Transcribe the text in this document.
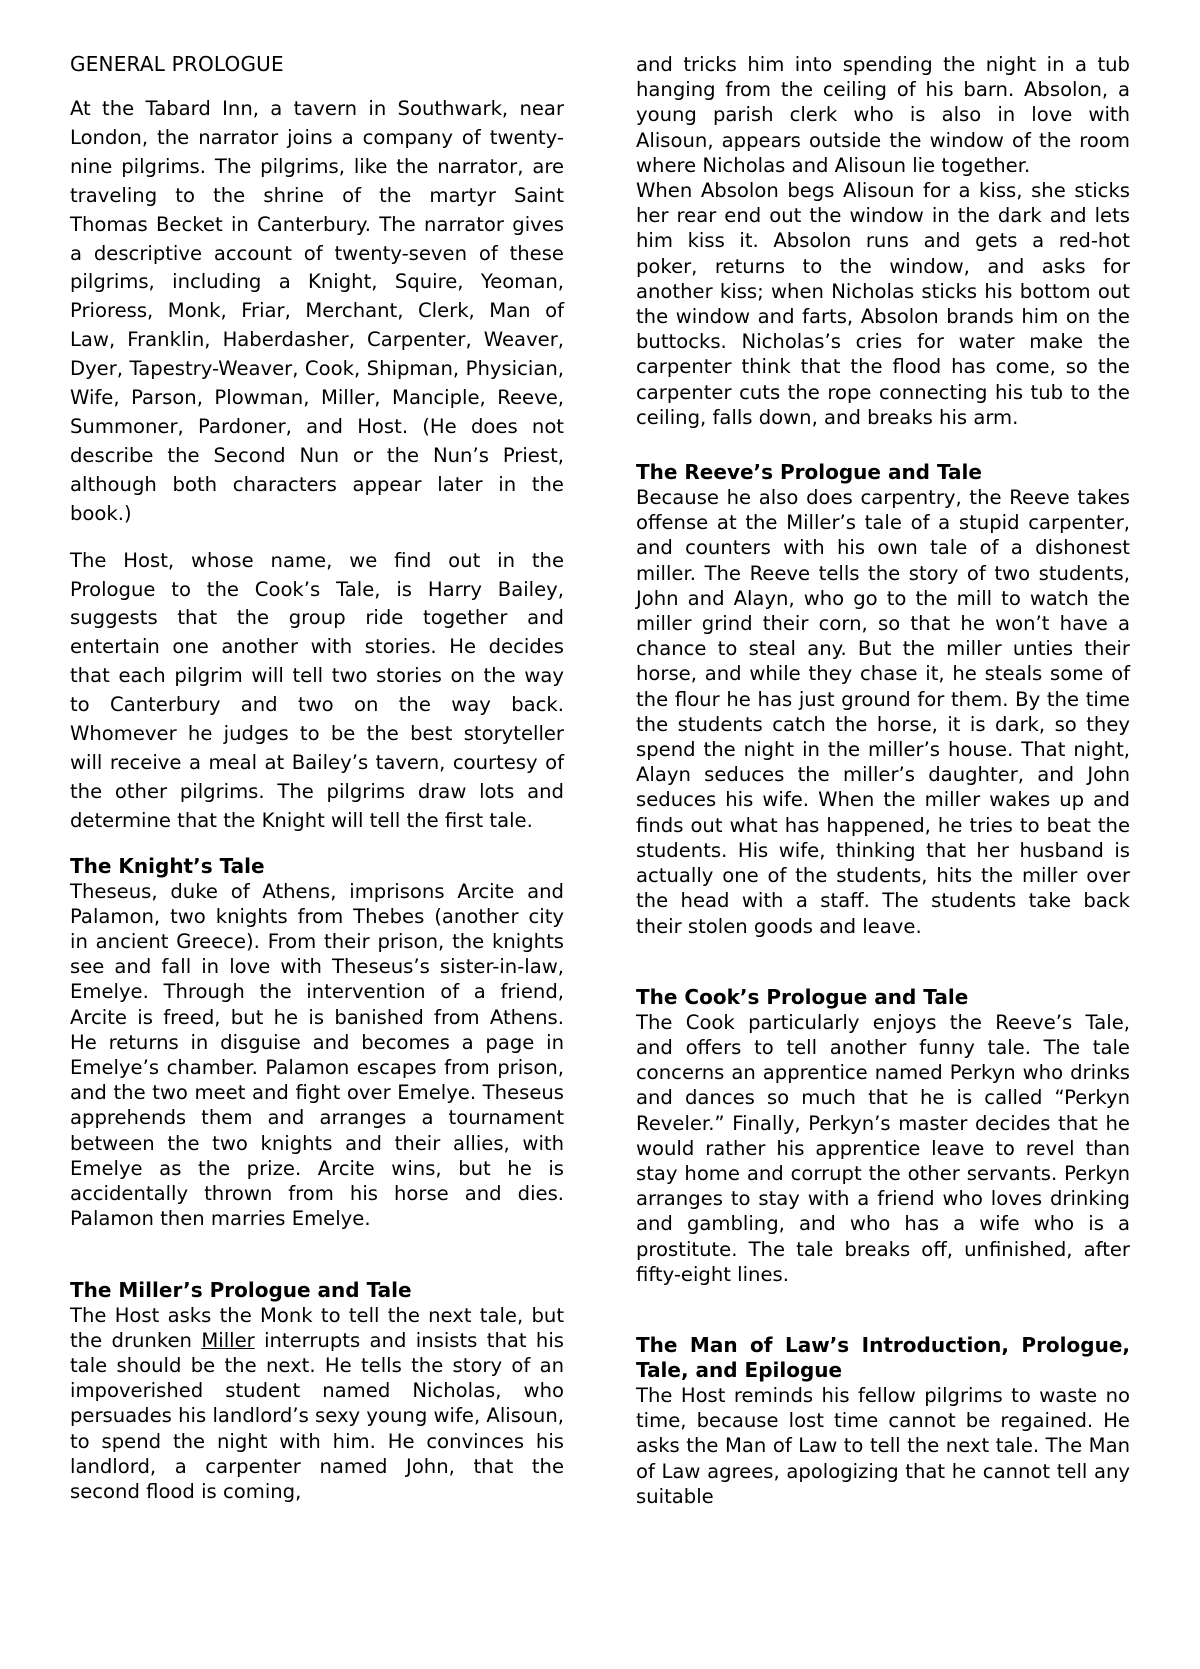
GENERAL PROLOGUE

At the Tabard Inn, a tavern in Southwark, near London, the narrator joins a company of twenty-nine pilgrims. The pilgrims, like the narrator, are traveling to the shrine of the martyr Saint Thomas Becket in Canterbury. The narrator gives a descriptive account of twenty-seven of these pilgrims, including a Knight, Squire, Yeoman, Prioress, Monk, Friar, Merchant, Clerk, Man of Law, Franklin, Haberdasher, Carpenter, Weaver, Dyer, Tapestry-Weaver, Cook, Shipman, Physician, Wife, Parson, Plowman, Miller, Manciple, Reeve, Summoner, Pardoner, and Host. (He does not describe the Second Nun or the Nun’s Priest, although both characters appear later in the book.)

The Host, whose name, we find out in the Prologue to the Cook’s Tale, is Harry Bailey, suggests that the group ride together and entertain one another with stories. He decides that each pilgrim will tell two stories on the way to Canterbury and two on the way back. Whomever he judges to be the best storyteller will receive a meal at Bailey’s tavern, courtesy of the other pilgrims. The pilgrims draw lots and determine that the Knight will tell the first tale.

The Knight’s Tale

Theseus, duke of Athens, imprisons Arcite and Palamon, two knights from Thebes (another city in ancient Greece). From their prison, the knights see and fall in love with Theseus’s sister-in-law, Emelye. Through the intervention of a friend, Arcite is freed, but he is banished from Athens. He returns in disguise and becomes a page in Emelye’s chamber. Palamon escapes from prison, and the two meet and fight over Emelye. Theseus apprehends them and arranges a tournament between the two knights and their allies, with Emelye as the prize. Arcite wins, but he is accidentally thrown from his horse and dies. Palamon then marries Emelye.

The Miller’s Prologue and Tale

The Host asks the Monk to tell the next tale, but the drunken Miller interrupts and insists that his tale should be the next. He tells the story of an impoverished student named Nicholas, who persuades his landlord’s sexy young wife, Alisoun, to spend the night with him. He convinces his landlord, a carpenter named John, that the second flood is coming,

and tricks him into spending the night in a tub hanging from the ceiling of his barn. Absolon, a young parish clerk who is also in love with Alisoun, appears outside the window of the room where Nicholas and Alisoun lie together.

When Absolon begs Alisoun for a kiss, she sticks her rear end out the window in the dark and lets him kiss it. Absolon runs and gets a red-hot poker, returns to the window, and asks for another kiss; when Nicholas sticks his bottom out the window and farts, Absolon brands him on the buttocks. Nicholas’s cries for water make the carpenter think that the flood has come, so the carpenter cuts the rope connecting his tub to the ceiling, falls down, and breaks his arm.

The Reeve’s Prologue and Tale

Because he also does carpentry, the Reeve takes offense at the Miller’s tale of a stupid carpenter, and counters with his own tale of a dishonest miller. The Reeve tells the story of two students, John and Alayn, who go to the mill to watch the miller grind their corn, so that he won’t have a chance to steal any. But the miller unties their horse, and while they chase it, he steals some of the flour he has just ground for them. By the time the students catch the horse, it is dark, so they spend the night in the miller’s house. That night, Alayn seduces the miller’s daughter, and John seduces his wife. When the miller wakes up and finds out what has happened, he tries to beat the students. His wife, thinking that her husband is actually one of the students, hits the miller over the head with a staff. The students take back their stolen goods and leave.

The Cook’s Prologue and Tale

The Cook particularly enjoys the Reeve’s Tale, and offers to tell another funny tale. The tale concerns an apprentice named Perkyn who drinks and dances so much that he is called “Perkyn Reveler.” Finally, Perkyn’s master decides that he would rather his apprentice leave to revel than stay home and corrupt the other servants. Perkyn arranges to stay with a friend who loves drinking and gambling, and who has a wife who is a prostitute. The tale breaks off, unfinished, after fifty-eight lines.

The Man of Law’s Introduction, Prologue, Tale, and Epilogue

The Host reminds his fellow pilgrims to waste no time, because lost time cannot be regained. He asks the Man of Law to tell the next tale. The Man of Law agrees, apologizing that he cannot tell any suitable
